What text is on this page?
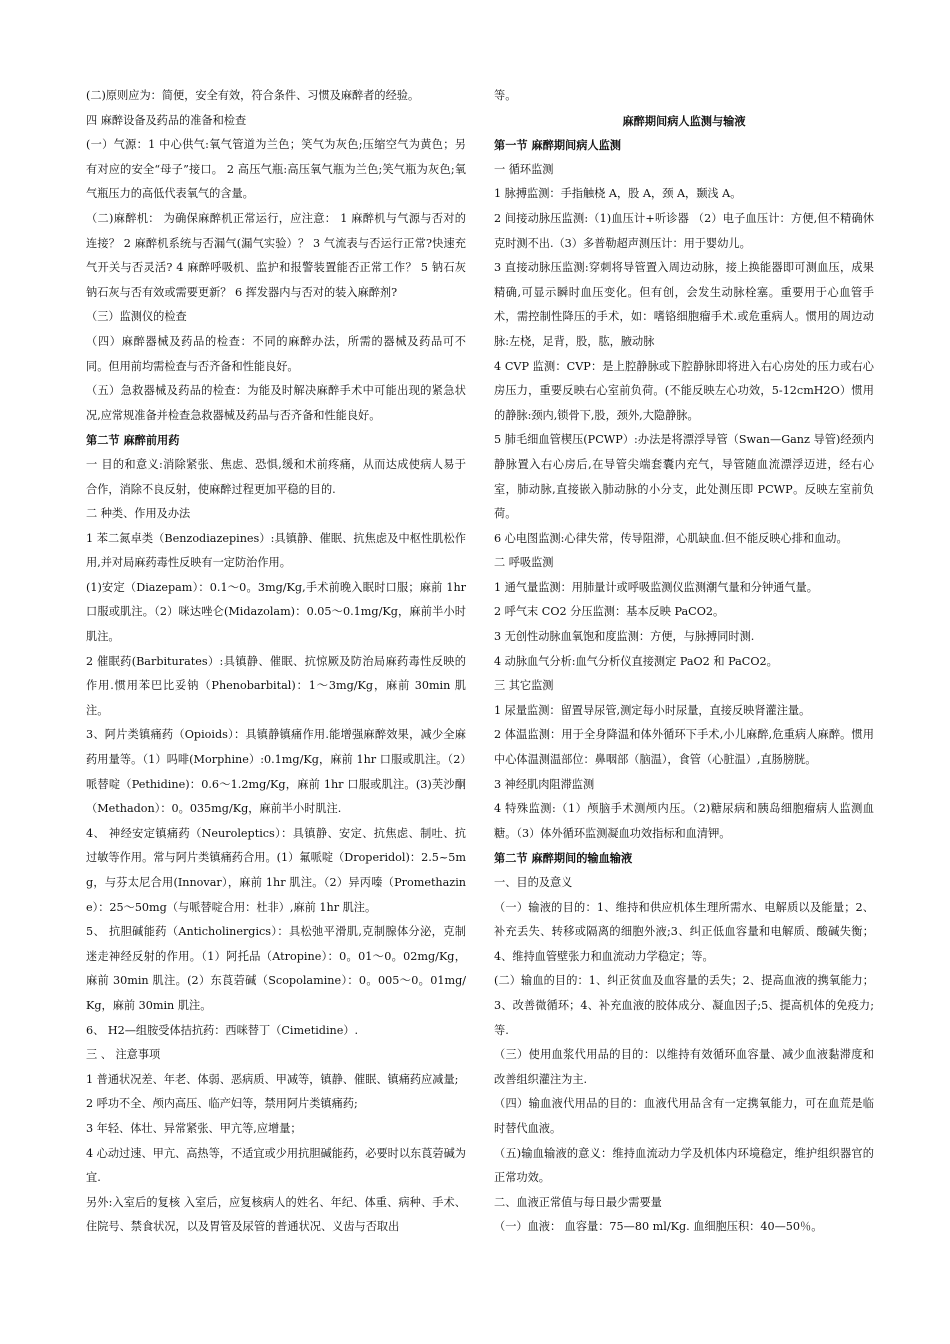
(二)原则应为：简便，安全有效，符合条件、习惯及麻醉者的经验。

四 麻醉设备及药品的准备和检查

(一）气源：1 中心供气:氧气管道为兰色；笑气为灰色;压缩空气为黄色；另有对应的安全“母子”接口。 2 高压气瓶:高压氧气瓶为兰色;笑气瓶为灰色;氧气瓶压力的高低代表氧气的含量。

（二)麻醉机： 为确保麻醉机正常运行，应注意： 1 麻醉机与气源与否对的连接？ 2 麻醉机系统与否漏气(漏气实验）？ 3 气流表与否运行正常?快速充气开关与否灵活? 4 麻醉呼吸机、监护和报警装置能否正常工作？ 5 钠石灰钠石灰与否有效或需要更新？ 6 挥发器内与否对的装入麻醉剂?

（三）监测仪的检查

（四）麻醉器械及药品的检查：不同的麻醉办法，所需的器械及药品可不同。但用前均需检查与否齐备和性能良好。

（五）急救器械及药品的检查：为能及时解决麻醉手术中可能出现的紧急状况,应常规准备并检查急救器械及药品与否齐备和性能良好。

第二节 麻醉前用药

一 目的和意义:消除紧张、焦虑、恐惧,缓和术前疼痛，从而达成使病人易于合作，消除不良反射，使麻醉过程更加平稳的目的.

二 种类、作用及办法

1 苯二氮卓类（Benzodiazepines）:具镇静、催眠、抗焦虑及中枢性肌松作用,并对局麻药毒性反映有一定防治作用。

(1)安定（Diazepam）：0.1～0。3mg/Kg,手术前晚入眠时口服；麻前 1hr 口服或肌注。（2）咪达唑仑(Midazolam)：0.05～0.1mg/Kg，麻前半小时肌注。

2 催眠药(Barbiturates）:具镇静、催眠、抗惊厥及防治局麻药毒性反映的作用.惯用苯巴比妥钠（Phenobarbital)：1～3mg/Kg，麻前 30min 肌注。

3、阿片类镇痛药（Opioids）：具镇静镇痛作用.能增强麻醉效果，减少全麻药用量等。（1）吗啡(Morphine）:0.1mg/Kg，麻前 1hr 口服或肌注。（2）哌替啶（Pethidine)：0.6～1.2mg/Kg，麻前 1hr 口服或肌注。(3)芙沙酮（Methadon）：0。035mg/Kg，麻前半小时肌注.

4、 神经安定镇痛药（Neuroleptics）：具镇静、安定、抗焦虑、制吐、抗过敏等作用。常与阿片类镇痛药合用。(1）氟哌啶（Droperidol)：2.5~5mg，与芬太尼合用(Innovar），麻前 1hr 肌注。（2）异丙嗪（Promethazine）：25～50mg（与哌替啶合用：杜非）,麻前 1hr 肌注。

5、 抗胆碱能药（Anticholinergics）：具松弛平滑肌,克制腺体分泌，克制迷走神经反射的作用。（1）阿托品（Atropine）：0。01～0。02mg/Kg，麻前 30min 肌注。(2）东莨菪碱（Scopolamine）：0。005～0。01mg/Kg，麻前 30min 肌注。

6、 H2—组胺受体拮抗药：西咪替丁（Cimetidine）.

三 、 注意事项

1 普通状况差、年老、体弱、恶病质、甲减等，镇静、催眠、镇痛药应减量;

2 呼功不全、颅内高压、临产妇等，禁用阿片类镇痛药;

3 年轻、体壮、异常紧张、甲亢等,应增量；

4 心动过速、甲亢、高热等，不适宜或少用抗胆碱能药，必要时以东莨菪碱为宜.

另外:入室后的复核 入室后，应复核病人的姓名、年纪、体重、病种、手术、住院号、禁食状况，以及胃管及尿管的普通状况、义齿与否取出

等。

麻醉期间病人监测与输液

第一节 麻醉期间病人监测

一 循环监测

1 脉搏监测：手指触桡 A，股 A，颈 A，颞浅 A。

2 间接动脉压监测:（1)血压计+听诊器 （2）电子血压计：方便,但不精确休克时测不出.（3）多普勒超声测压计：用于婴幼儿。

3 直接动脉压监测:穿刺将导管置入周边动脉，接上换能器即可测血压，成果精确,可显示瞬时血压变化。但有创，会发生动脉栓塞。重要用于心血管手术，需控制性降压的手术，如：嗜铬细胞瘤手术.或危重病人。惯用的周边动脉:左桡，足背，股，肱，腋动脉

4 CVP 监测：CVP：是上腔静脉或下腔静脉即将进入右心房处的压力或右心房压力，重要反映右心室前负荷。(不能反映左心功效，5-12cmH2O）惯用的静脉:颈内,锁骨下,股，颈外,大隐静脉。

5 肺毛细血管楔压(PCWP）:办法是将漂浮导管（Swan—Ganz 导管)经颈内静脉置入右心房后,在导管尖端套囊内充气，导管随血流漂浮迈进，经右心室，肺动脉,直接嵌入肺动脉的小分支，此处测压即 PCWP。反映左室前负荷。

6 心电图监测:心律失常，传导阻滞，心肌缺血.但不能反映心排和血动。

二 呼吸监测

1 通气量监测：用肺量计或呼吸监测仪监测潮气量和分钟通气量。

2 呼气末 CO2 分压监测：基本反映 PaCO2。

3 无创性动脉血氧饱和度监测：方便，与脉搏同时测.

4 动脉血气分析:血气分析仪直接测定 PaO2 和 PaCO2。

三 其它监测

1 尿量监测：留置导尿管,测定每小时尿量，直接反映肾灌注量。

2 体温监测：用于全身降温和体外循环下手术,小儿麻醉,危重病人麻醉。惯用中心体温测温部位：鼻咽部（脑温），食管（心脏温）,直肠膀胱。

3 神经肌肉阻滞监测

4 特殊监测:（1）颅脑手术测颅内压。（2)糖尿病和胰岛细胞瘤病人监测血糖。（3）体外循环监测凝血功效指标和血清钾。

第二节 麻醉期间的输血输液

一、目的及意义

（一）输液的目的：1、维持和供应机体生理所需水、电解质以及能量；2、补充丢失、转移或隔离的细胞外液;3、纠正低血容量和电解质、酸碱失衡；4、维持血管壁张力和血流动力学稳定；等。

(二）输血的目的：1、纠正贫血及血容量的丢失；2、提高血液的携氧能力；3、改善微循环；4、补充血液的胶体成分、凝血因子;5、提高机体的免疫力;等.

（三）使用血浆代用品的目的：以维持有效循环血容量、减少血液黏滞度和改善组织灌注为主.

（四）输血液代用品的目的：血液代用品含有一定携氧能力，可在血荒是临时替代血液。

（五)输血输液的意义：维持血流动力学及机体内环境稳定，维护组织器官的正常功效。

二、血液正常值与每日最少需要量

（一）血液： 血容量：75—80 ml/Kg. 血细胞压积：40—50％。
